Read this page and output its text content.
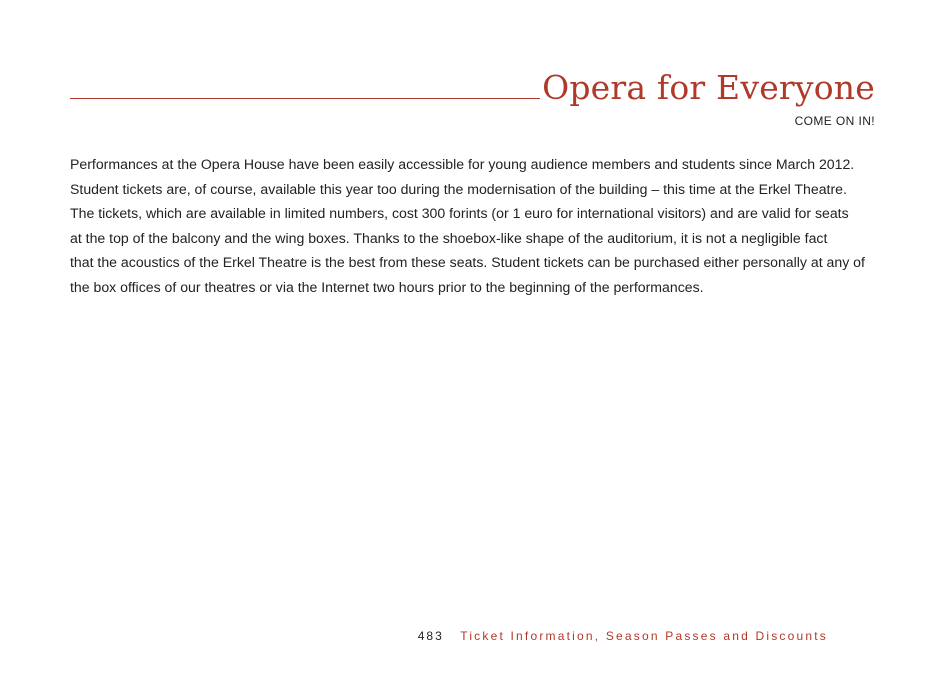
Opera for Everyone
COME ON IN!
Performances at the Opera House have been easily accessible for young audience members and students since March 2012.
Student tickets are, of course, available this year too during the modernisation of the building – this time at the Erkel Theatre.
The tickets, which are available in limited numbers, cost 300 forints (or 1 euro for international visitors) and are valid for seats
at the top of the balcony and the wing boxes. Thanks to the shoebox-like shape of the auditorium, it is not a negligible fact
that the acoustics of the Erkel Theatre is the best from these seats. Student tickets can be purchased either personally at any of
the box offices of our theatres or via the Internet two hours prior to the beginning of the performances.
483 Ticket Information, Season Passes and Discounts
